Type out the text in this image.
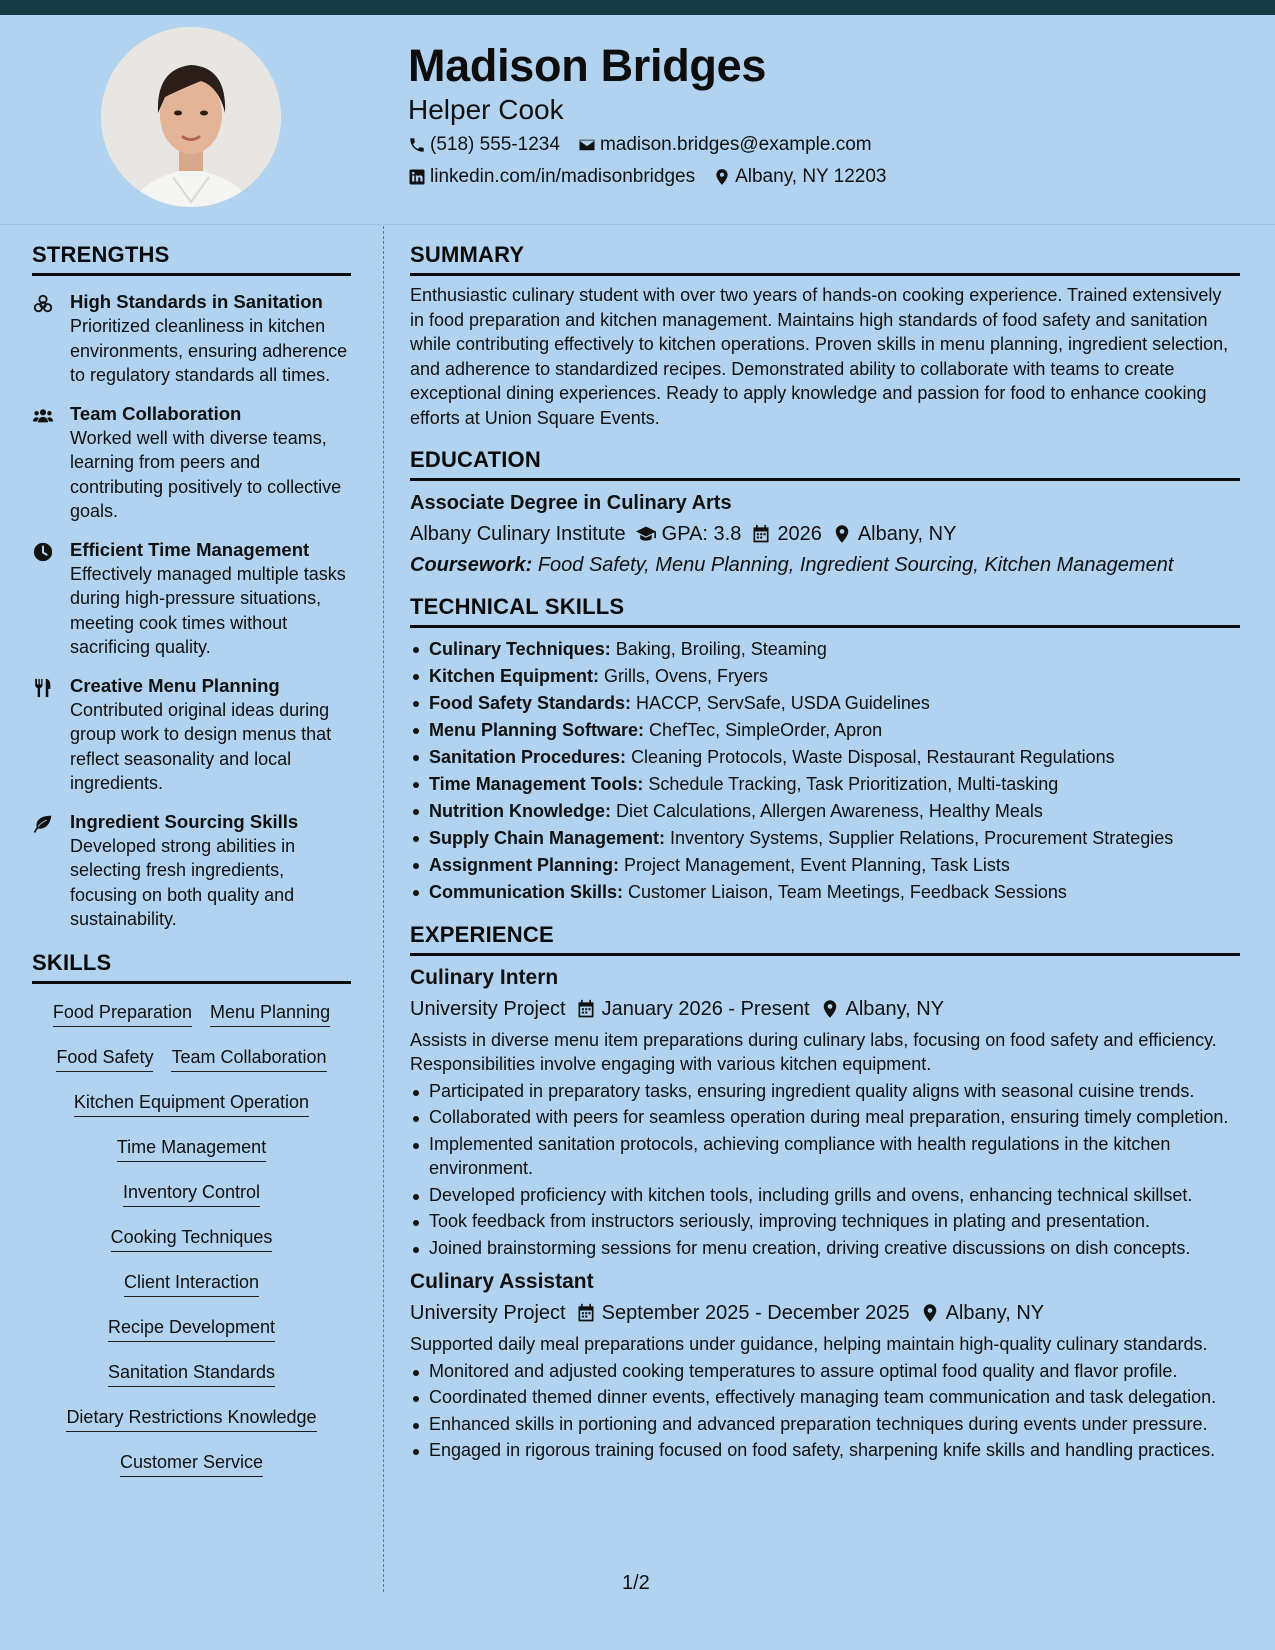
Madison Bridges
Helper Cook
(518) 555-1234 madison.bridges@example.com
linkedin.com/in/madisonbridges Albany, NY 12203
STRENGTHS
High Standards in Sanitation
Prioritized cleanliness in kitchen environments, ensuring adherence to regulatory standards all times.
Team Collaboration
Worked well with diverse teams, learning from peers and contributing positively to collective goals.
Efficient Time Management
Effectively managed multiple tasks during high-pressure situations, meeting cook times without sacrificing quality.
Creative Menu Planning
Contributed original ideas during group work to design menus that reflect seasonality and local ingredients.
Ingredient Sourcing Skills
Developed strong abilities in selecting fresh ingredients, focusing on both quality and sustainability.
SKILLS
Food Preparation Menu Planning
Food Safety Team Collaboration
Kitchen Equipment Operation
Time Management
Inventory Control
Cooking Techniques
Client Interaction
Recipe Development
Sanitation Standards
Dietary Restrictions Knowledge
Customer Service
SUMMARY
Enthusiastic culinary student with over two years of hands-on cooking experience. Trained extensively in food preparation and kitchen management. Maintains high standards of food safety and sanitation while contributing effectively to kitchen operations. Proven skills in menu planning, ingredient selection, and adherence to standardized recipes. Demonstrated ability to collaborate with teams to create exceptional dining experiences. Ready to apply knowledge and passion for food to enhance cooking efforts at Union Square Events.
EDUCATION
Associate Degree in Culinary Arts
Albany Culinary Institute GPA: 3.8 2026 Albany, NY
Coursework: Food Safety, Menu Planning, Ingredient Sourcing, Kitchen Management
TECHNICAL SKILLS
Culinary Techniques: Baking, Broiling, Steaming
Kitchen Equipment: Grills, Ovens, Fryers
Food Safety Standards: HACCP, ServSafe, USDA Guidelines
Menu Planning Software: ChefTec, SimpleOrder, Apron
Sanitation Procedures: Cleaning Protocols, Waste Disposal, Restaurant Regulations
Time Management Tools: Schedule Tracking, Task Prioritization, Multi-tasking
Nutrition Knowledge: Diet Calculations, Allergen Awareness, Healthy Meals
Supply Chain Management: Inventory Systems, Supplier Relations, Procurement Strategies
Assignment Planning: Project Management, Event Planning, Task Lists
Communication Skills: Customer Liaison, Team Meetings, Feedback Sessions
EXPERIENCE
Culinary Intern
University Project January 2026 - Present Albany, NY
Assists in diverse menu item preparations during culinary labs, focusing on food safety and efficiency. Responsibilities involve engaging with various kitchen equipment.
Participated in preparatory tasks, ensuring ingredient quality aligns with seasonal cuisine trends.
Collaborated with peers for seamless operation during meal preparation, ensuring timely completion.
Implemented sanitation protocols, achieving compliance with health regulations in the kitchen environment.
Developed proficiency with kitchen tools, including grills and ovens, enhancing technical skillset.
Took feedback from instructors seriously, improving techniques in plating and presentation.
Joined brainstorming sessions for menu creation, driving creative discussions on dish concepts.
Culinary Assistant
University Project September 2025 - December 2025 Albany, NY
Supported daily meal preparations under guidance, helping maintain high-quality culinary standards.
Monitored and adjusted cooking temperatures to assure optimal food quality and flavor profile.
Coordinated themed dinner events, effectively managing team communication and task delegation.
Enhanced skills in portioning and advanced preparation techniques during events under pressure.
Engaged in rigorous training focused on food safety, sharpening knife skills and handling practices.
1/2
